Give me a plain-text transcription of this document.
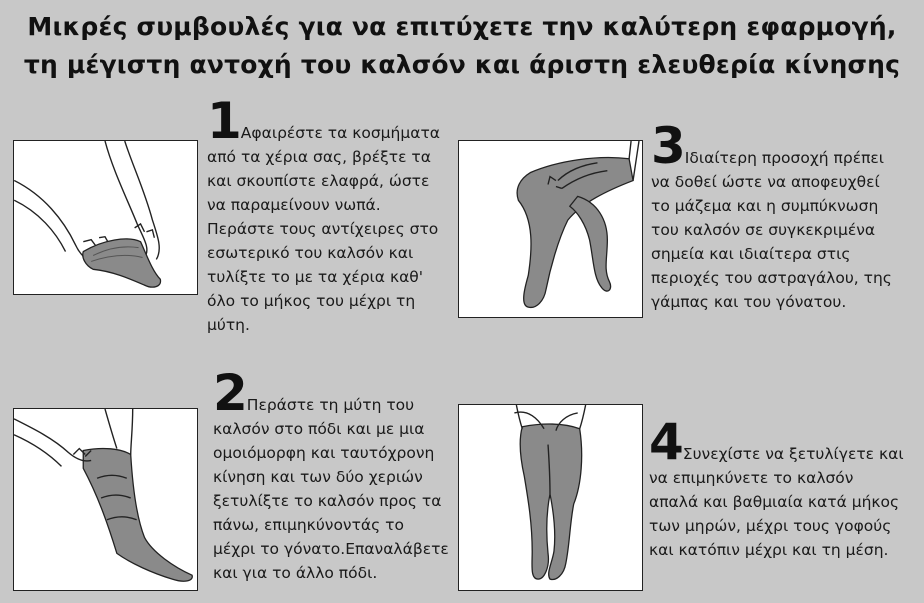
Μικρές συμβουλές για να επιτύχετε την καλύτερη εφαρμογή,
τη μέγιστη αντοχή του καλσόν και άριστη ελευθερία κίνησης
1 Αφαιρέστε τα κοσμήματα
από τα χέρια σας, βρέξτε τα
και σκουπίστε ελαφρά, ώστε
να παραμείνουν νωπά.
Περάστε τους αντίχειρες στο
εσωτερικό του καλσόν και
τυλίξτε το με τα χέρια καθ'
όλο το μήκος του μέχρι τη
μύτη.
3 Ιδιαίτερη προσοχή πρέπει
να δοθεί ώστε να αποφευχθεί
το μάζεμα και η συμπύκνωση
του καλσόν σε συγκεκριμένα
σημεία και ιδιαίτερα στις
περιοχές του αστραγάλου, της
γάμπας και του γόνατου.
2 Περάστε τη μύτη του
καλσόν στο πόδι και με μια
ομοιόμορφη και ταυτόχρονη
κίνηση και των δύο χεριών
ξετυλίξτε το καλσόν προς τα
πάνω, επιμηκύνοντάς το
μέχρι το γόνατο.Επαναλάβετε
και για το άλλο πόδι.
4 Συνεχίστε να ξετυλίγετε και
να επιμηκύνετε το καλσόν
απαλά και βαθμιαία κατά μήκος
των μηρών, μέχρι τους γοφούς
και κατόπιν μέχρι και τη μέση.
